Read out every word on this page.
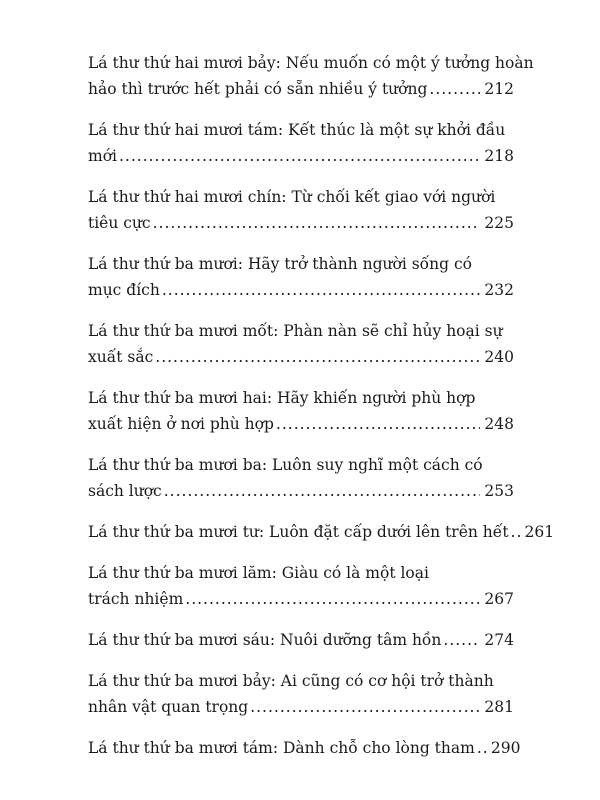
Lá thư thứ hai mươi bảy: Nếu muốn có một ý tưởng hoàn
hảo thì trước hết phải có sẵn nhiều ý tưởng .....	212
Lá thư thứ hai mươi tám: Kết thúc là một sự khởi đầu
mới .....	218
Lá thư thứ hai mươi chín: Từ chối kết giao với người
tiêu cực .....	225
Lá thư thứ ba mươi: Hãy trở thành người sống có
mục đích .....	232
Lá thư thứ ba mươi mốt: Phàn nàn sẽ chỉ hủy hoại sự
xuất sắc .....	240
Lá thư thứ ba mươi hai: Hãy khiến người phù hợp
xuất hiện ở nơi phù hợp .....	248
Lá thư thứ ba mươi ba: Luôn suy nghĩ một cách có
sách lược .....	253
Lá thư thứ ba mươi tư: Luôn đặt cấp dưới lên trên hết ..... 261
Lá thư thứ ba mươi lăm: Giàu có là một loại
trách nhiệm .....	267
Lá thư thứ ba mươi sáu: Nuôi dưỡng tâm hồn .....	274
Lá thư thứ ba mươi bảy: Ai cũng có cơ hội trở thành
nhân vật quan trọng .....	281
Lá thư thứ ba mươi tám: Dành chỗ cho lòng tham ..... 290
